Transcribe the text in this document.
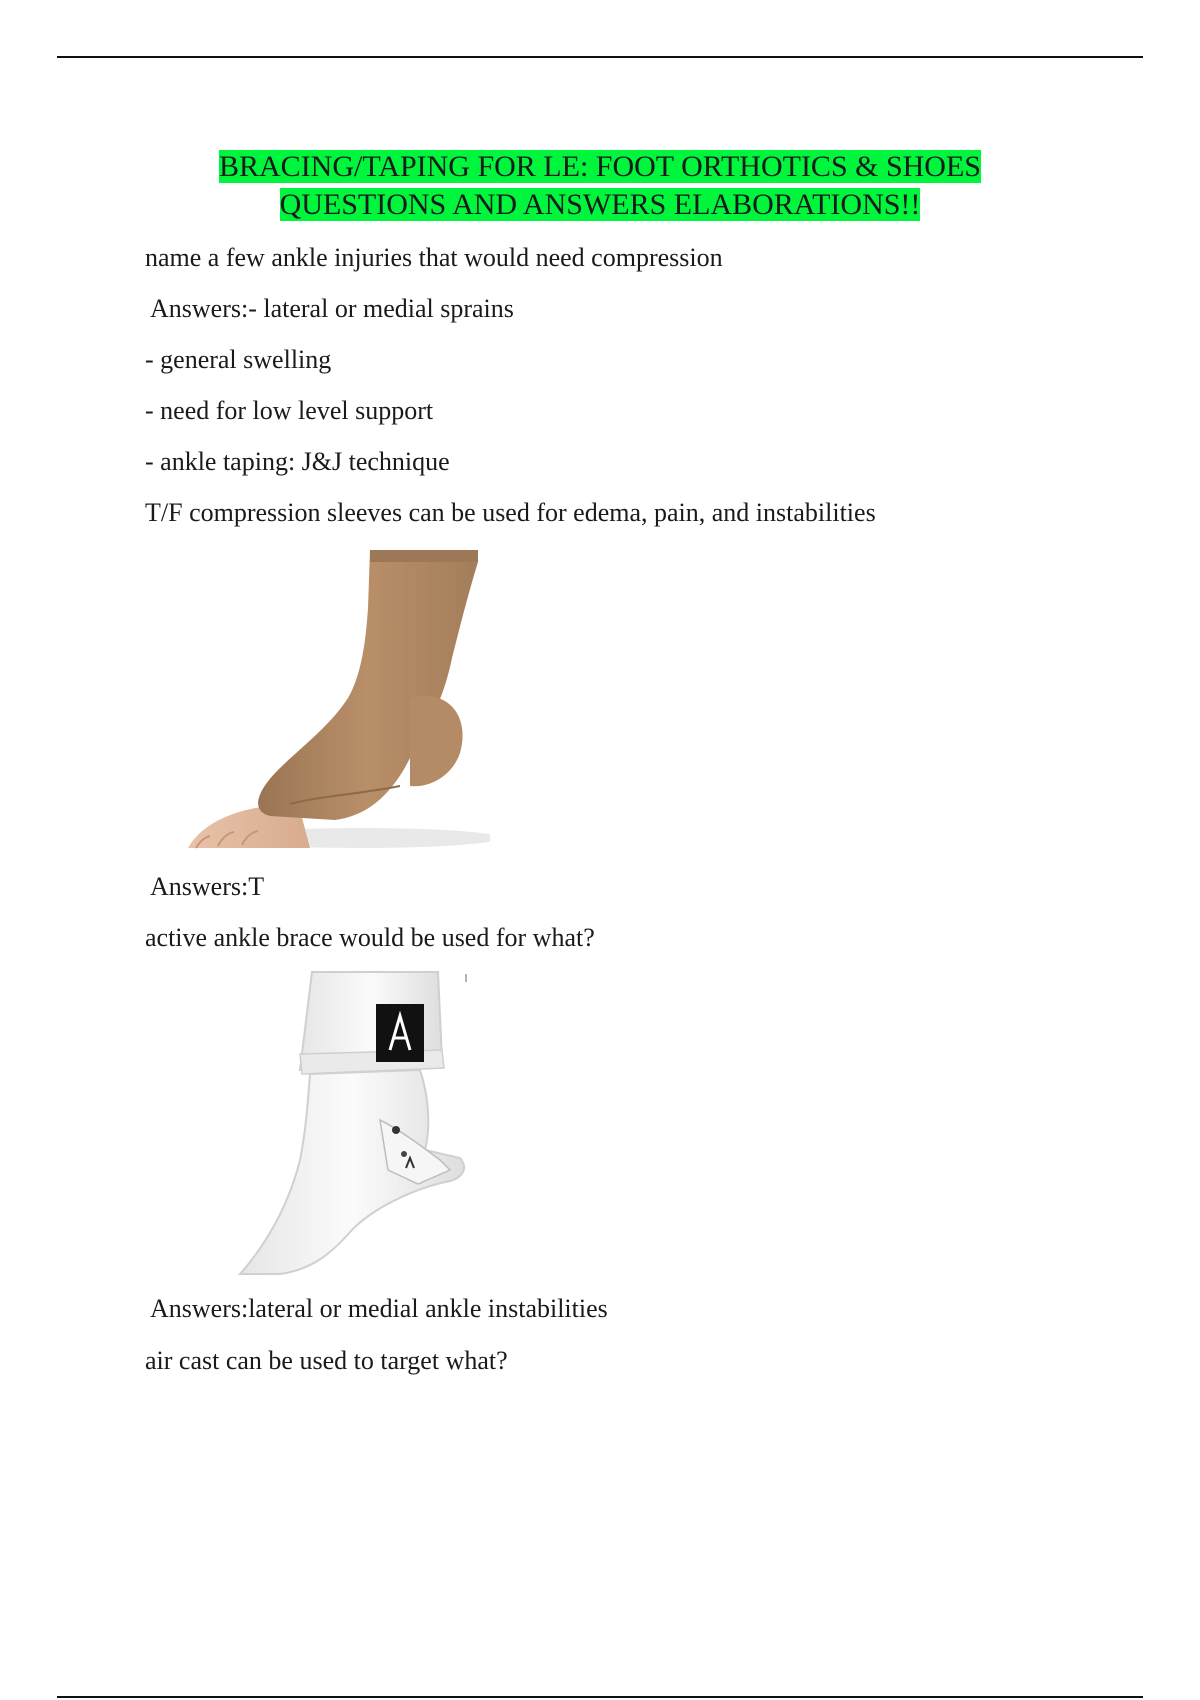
BRACING/TAPING FOR LE: FOOT ORTHOTICS & SHOES
QUESTIONS AND ANSWERS ELABORATIONS!!
name a few ankle injuries that would need compression
Answers:- lateral or medial sprains
- general swelling
- need for low level support
- ankle taping: J&J technique
T/F compression sleeves can be used for edema, pain, and instabilities
Answers:T
active ankle brace would be used for what?
Answers:lateral or medial ankle instabilities
air cast can be used to target what?
